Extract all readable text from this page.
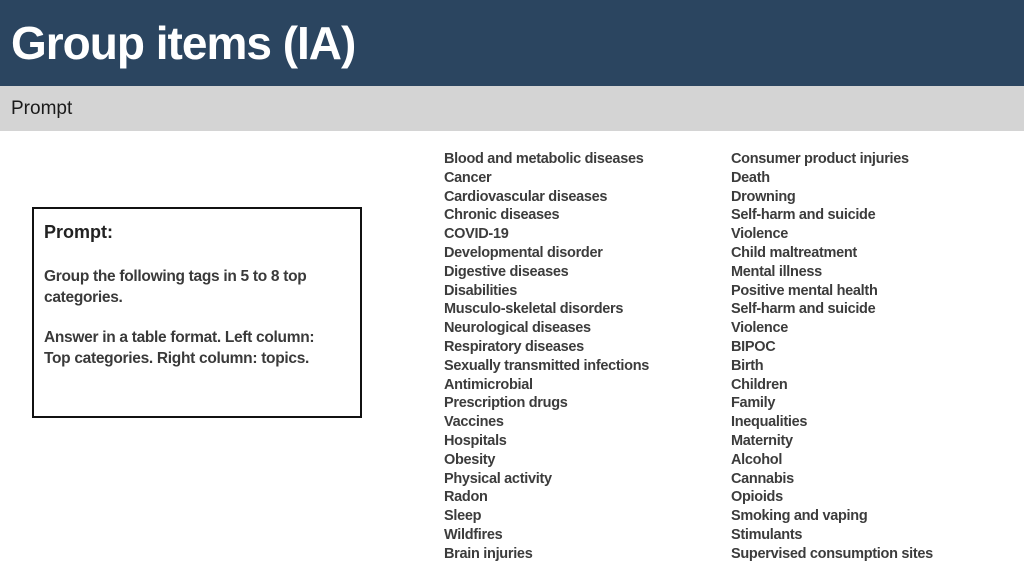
Group items (IA)
Prompt
Prompt:
Group the following tags in 5 to 8 top
categories.
Answer in a table format. Left column:
Top categories. Right column: topics.
Blood and metabolic diseases
Cancer
Cardiovascular diseases
Chronic diseases
COVID-19
Developmental disorder
Digestive diseases
Disabilities
Musculo-skeletal disorders
Neurological diseases
Respiratory diseases
Sexually transmitted infections
Antimicrobial
Prescription drugs
Vaccines
Hospitals
Obesity
Physical activity
Radon
Sleep
Wildfires
Brain injuries
Consumer product injuries
Death
Drowning
Self-harm and suicide
Violence
Child maltreatment
Mental illness
Positive mental health
Self-harm and suicide
Violence
BIPOC
Birth
Children
Family
Inequalities
Maternity
Alcohol
Cannabis
Opioids
Smoking and vaping
Stimulants
Supervised consumption sites
